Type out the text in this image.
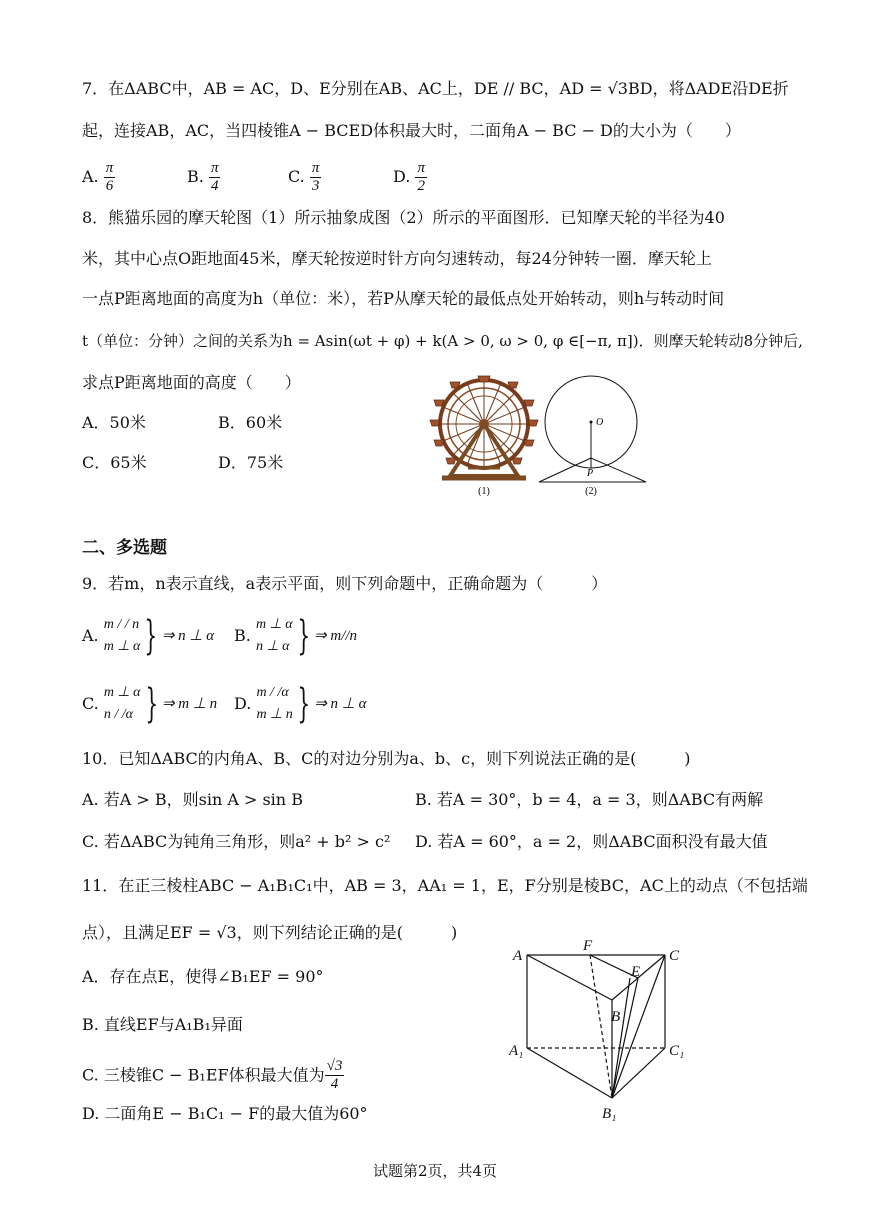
7．在ΔABC中，AB = AC，D、E分别在AB、AC上，DE // BC，AD = √3BD，将ΔADE沿DE折
起，连接AB，AC，当四棱锥A − BCED体积最大时，二面角A − BC − D的大小为（　　）
A. $\frac{\pi}{6}$	B. $\frac{\pi}{4}$	C. $\frac{\pi}{3}$	D. $\frac{\pi}{2}$
8．熊猫乐园的摩天轮图（1）所示抽象成图（2）所示的平面图形．已知摩天轮的半径为40
米，其中心点O距地面45米，摩天轮按逆时针方向匀速转动，每24分钟转一圈．摩天轮上
一点P距离地面的高度为h（单位：米），若P从摩天轮的最低点处开始转动，则h与转动时间
t（单位：分钟）之间的关系为h = Asin(ωt + φ) + k(A > 0, ω > 0, φ ∈[−π, π])．则摩天轮转动8分钟后,
求点P距离地面的高度（　　）
A．50米	B．60米
C．65米	D．75米
(1)
O
P
(2)
二、多选题
9．若m，n表示直线，a表示平面，则下列命题中，正确命题为（　　　）
A.
m / / n
m ⊥ α } ⇒ n ⊥ α B.
m ⊥ α
n ⊥ α } ⇒ m//n
C.
m ⊥ α
n / /α } ⇒ m ⊥ n D.
m / /α
m ⊥ n } ⇒ n ⊥ α
10．已知ΔABC的内角A、B、C的对边分别为a、b、c，则下列说法正确的是(　　　)
A. 若A > B，则sin A > sin B	B. 若A = 30°，b = 4，a = 3，则ΔABC有两解
C. 若ΔABC为钝角三角形，则a² + b² > c² D. 若A = 60°，a = 2，则ΔABC面积没有最大值
11．在正三棱柱ABC − A₁B₁C₁中，AB = 3，AA₁ = 1，E，F分别是棱BC，AC上的动点（不包括端
点），且满足EF = √3，则下列结论正确的是(　　　)
A．存在点E，使得∠B₁EF = 90°
B. 直线EF与A₁B₁异面
C. 三棱锥C − B₁EF体积最大值为 $\frac{√3}{4}$
D. 二面角E − B₁C₁ − F的最大值为60°
A
F
C
E
B
A₁	C₁
B₁
试题第2页，共4页
